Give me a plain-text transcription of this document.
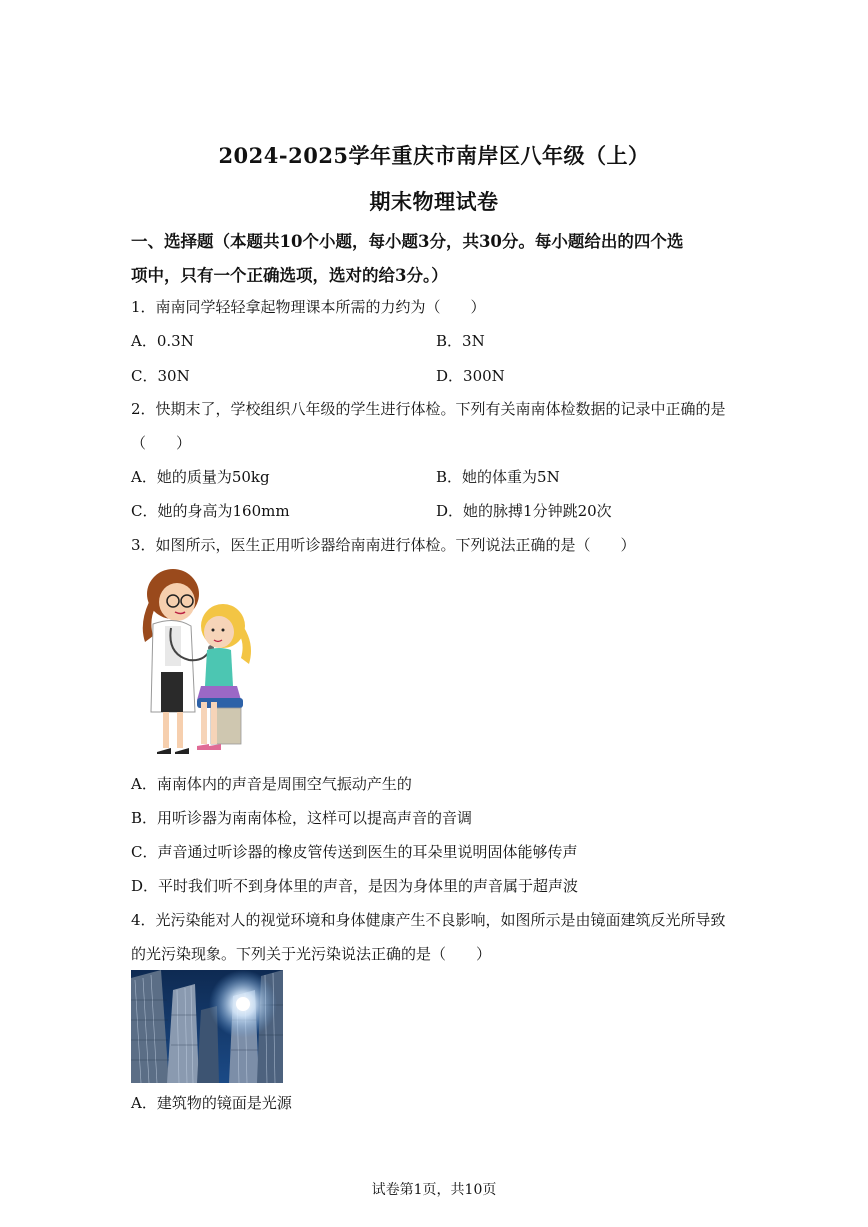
2024-2025学年重庆市南岸区八年级（上）
期末物理试卷
一、选择题（本题共10个小题，每小题3分，共30分。每小题给出的四个选
项中，只有一个正确选项，选对的给3分。）
1．南南同学轻轻拿起物理课本所需的力约为（　　）
A．0.3N	B．3N
C．30N	D．300N
2．快期末了，学校组织八年级的学生进行体检。下列有关南南体检数据的记录中正确的是
（　　）
A．她的质量为50kg	B．她的体重为5N
C．她的身高为160mm	D．她的脉搏1分钟跳20次
3．如图所示，医生正用听诊器给南南进行体检。下列说法正确的是（　　）
A．南南体内的声音是周围空气振动产生的
B．用听诊器为南南体检，这样可以提高声音的音调
C．声音通过听诊器的橡皮管传送到医生的耳朵里说明固体能够传声
D．平时我们听不到身体里的声音，是因为身体里的声音属于超声波
4．光污染能对人的视觉环境和身体健康产生不良影响，如图所示是由镜面建筑反光所导致
的光污染现象。下列关于光污染说法正确的是（　　）
A．建筑物的镜面是光源
试卷第1页，共10页
